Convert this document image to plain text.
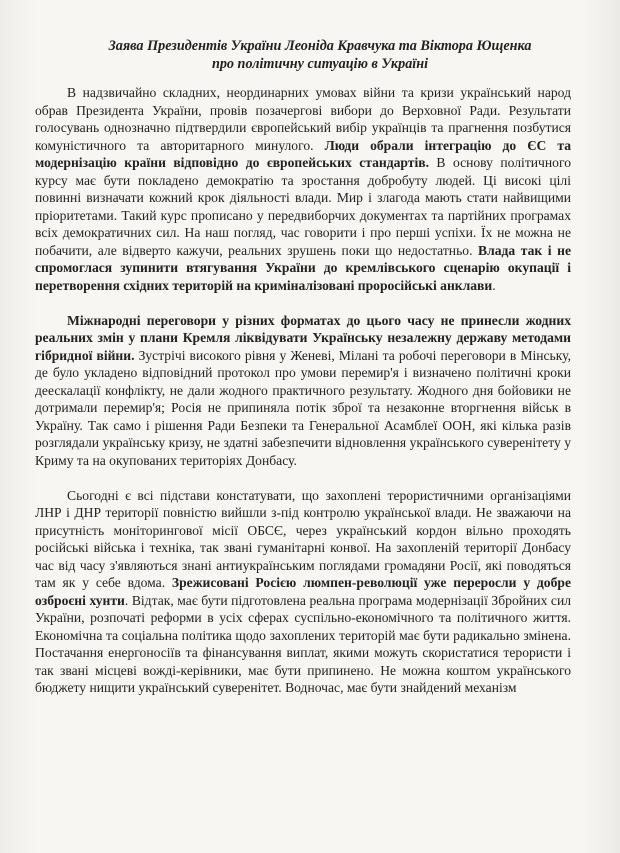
Заява Президентів України Леоніда Кравчука та Віктора Ющенка
про політичну ситуацію в Україні

В надзвичайно складних, неординарних умовах війни та кризи український народ обрав Президента України, провів позачергові вибори до Верховної Ради. Результати голосувань однозначно підтвердили європейський вибір українців та прагнення позбутися комуністичного та авторитарного минулого. Люди обрали інтеграцію до ЄС та модернізацію країни відповідно до європейських стандартів. В основу політичного курсу має бути покладено демократію та зростання добробуту людей. Ці високі цілі повинні визначати кожний крок діяльності влади. Мир і злагода мають стати найвищими пріоритетами. Такий курс прописано у передвиборчих документах та партійних програмах всіх демократичних сил. На наш погляд, час говорити і про перші успіхи. Їх не можна не побачити, але відверто кажучи, реальних зрушень поки що недостатньо. Влада так і не спромоглася зупинити втягування України до кремлівського сценарію окупації і перетворення східних територій на криміналізовані проросійські анклави.

Міжнародні переговори у різних форматах до цього часу не принесли жодних реальних змін у плани Кремля ліквідувати Українську незалежну державу методами гібридної війни. Зустрічі високого рівня у Женеві, Мілані та робочі переговори в Мінську, де було укладено відповідний протокол про умови перемир'я і визначено політичні кроки деескалації конфлікту, не дали жодного практичного результату. Жодного дня бойовики не дотримали перемир'я; Росія не припиняла потік зброї та незаконне вторгнення військ в Україну. Так само і рішення Ради Безпеки та Генеральної Асамблеї ООН, які кілька разів розглядали українську кризу, не здатні забезпечити відновлення українського суверенітету у Криму та на окупованих територіях Донбасу.

Сьогодні є всі підстави констатувати, що захоплені терористичними організаціями ЛНР і ДНР території повністю вийшли з-під контролю української влади. Не зважаючи на присутність моніторингової місії ОБСЄ, через український кордон вільно проходять російські війська і техніка, так звані гуманітарні конвої. На захопленій території Донбасу час від часу з'являються знані антиукраїнським поглядами громадяни Росії, які поводяться там як у себе вдома. Зрежисовані Росією люмпен-революції уже переросли у добре озброєні хунти. Відтак, має бути підготовлена реальна програма модернізації Збройних сил України, розпочаті реформи в усіх сферах суспільно-економічного та політичного життя. Економічна та соціальна політика щодо захоплених територій має бути радикально змінена. Постачання енергоносіїв та фінансування виплат, якими можуть скористатися терористи і так звані місцеві вожді-керівники, має бути припинено. Не можна коштом українського бюджету нищити український суверенітет. Водночас, має бути знайдений механізм
